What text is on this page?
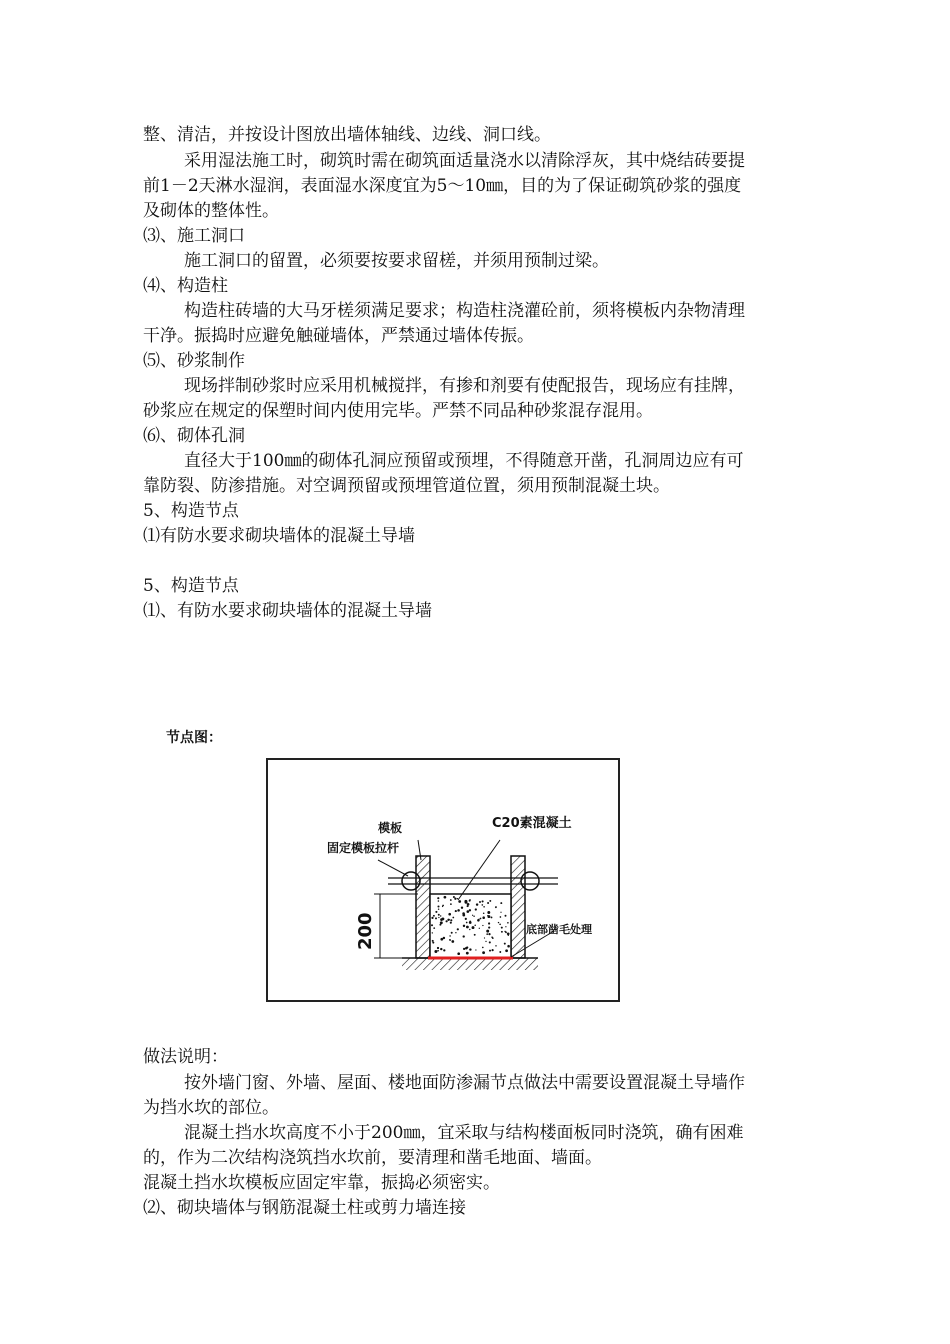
整、清洁，并按设计图放出墙体轴线、边线、洞口线。
采用湿法施工时，砌筑时需在砌筑面适量浇水以清除浮灰，其中烧结砖要提
前1－2天淋水湿润，表面湿水深度宜为5～10㎜，目的为了保证砌筑砂浆的强度
及砌体的整体性。
⑶、施工洞口
施工洞口的留置，必须要按要求留槎，并须用预制过梁。
⑷、构造柱
构造柱砖墙的大马牙槎须满足要求；构造柱浇灌砼前，须将模板内杂物清理
干净。振捣时应避免触碰墙体，严禁通过墙体传振。
⑸、砂浆制作
现场拌制砂浆时应采用机械搅拌，有掺和剂要有使配报告，现场应有挂牌，
砂浆应在规定的保塑时间内使用完毕。严禁不同品种砂浆混存混用。
⑹、砌体孔洞
直径大于100㎜的砌体孔洞应预留或预埋，不得随意开凿，孔洞周边应有可
靠防裂、防渗措施。对空调预留或预埋管道位置，须用预制混凝土块。
5、构造节点
⑴有防水要求砌块墙体的混凝土导墙
5、构造节点
⑴、有防水要求砌块墙体的混凝土导墙
做法说明：
按外墙门窗、外墙、屋面、楼地面防渗漏节点做法中需要设置混凝土导墙作
为挡水坎的部位。
混凝土挡水坎高度不小于200㎜，宜采取与结构楼面板同时浇筑，确有困难
的，作为二次结构浇筑挡水坎前，要清理和凿毛地面、墙面。
混凝土挡水坎模板应固定牢靠，振捣必须密实。
⑵、砌块墙体与钢筋混凝土柱或剪力墙连接
节点图：
200
模板
固定模板拉杆
C20素混凝土
底部凿毛处理
